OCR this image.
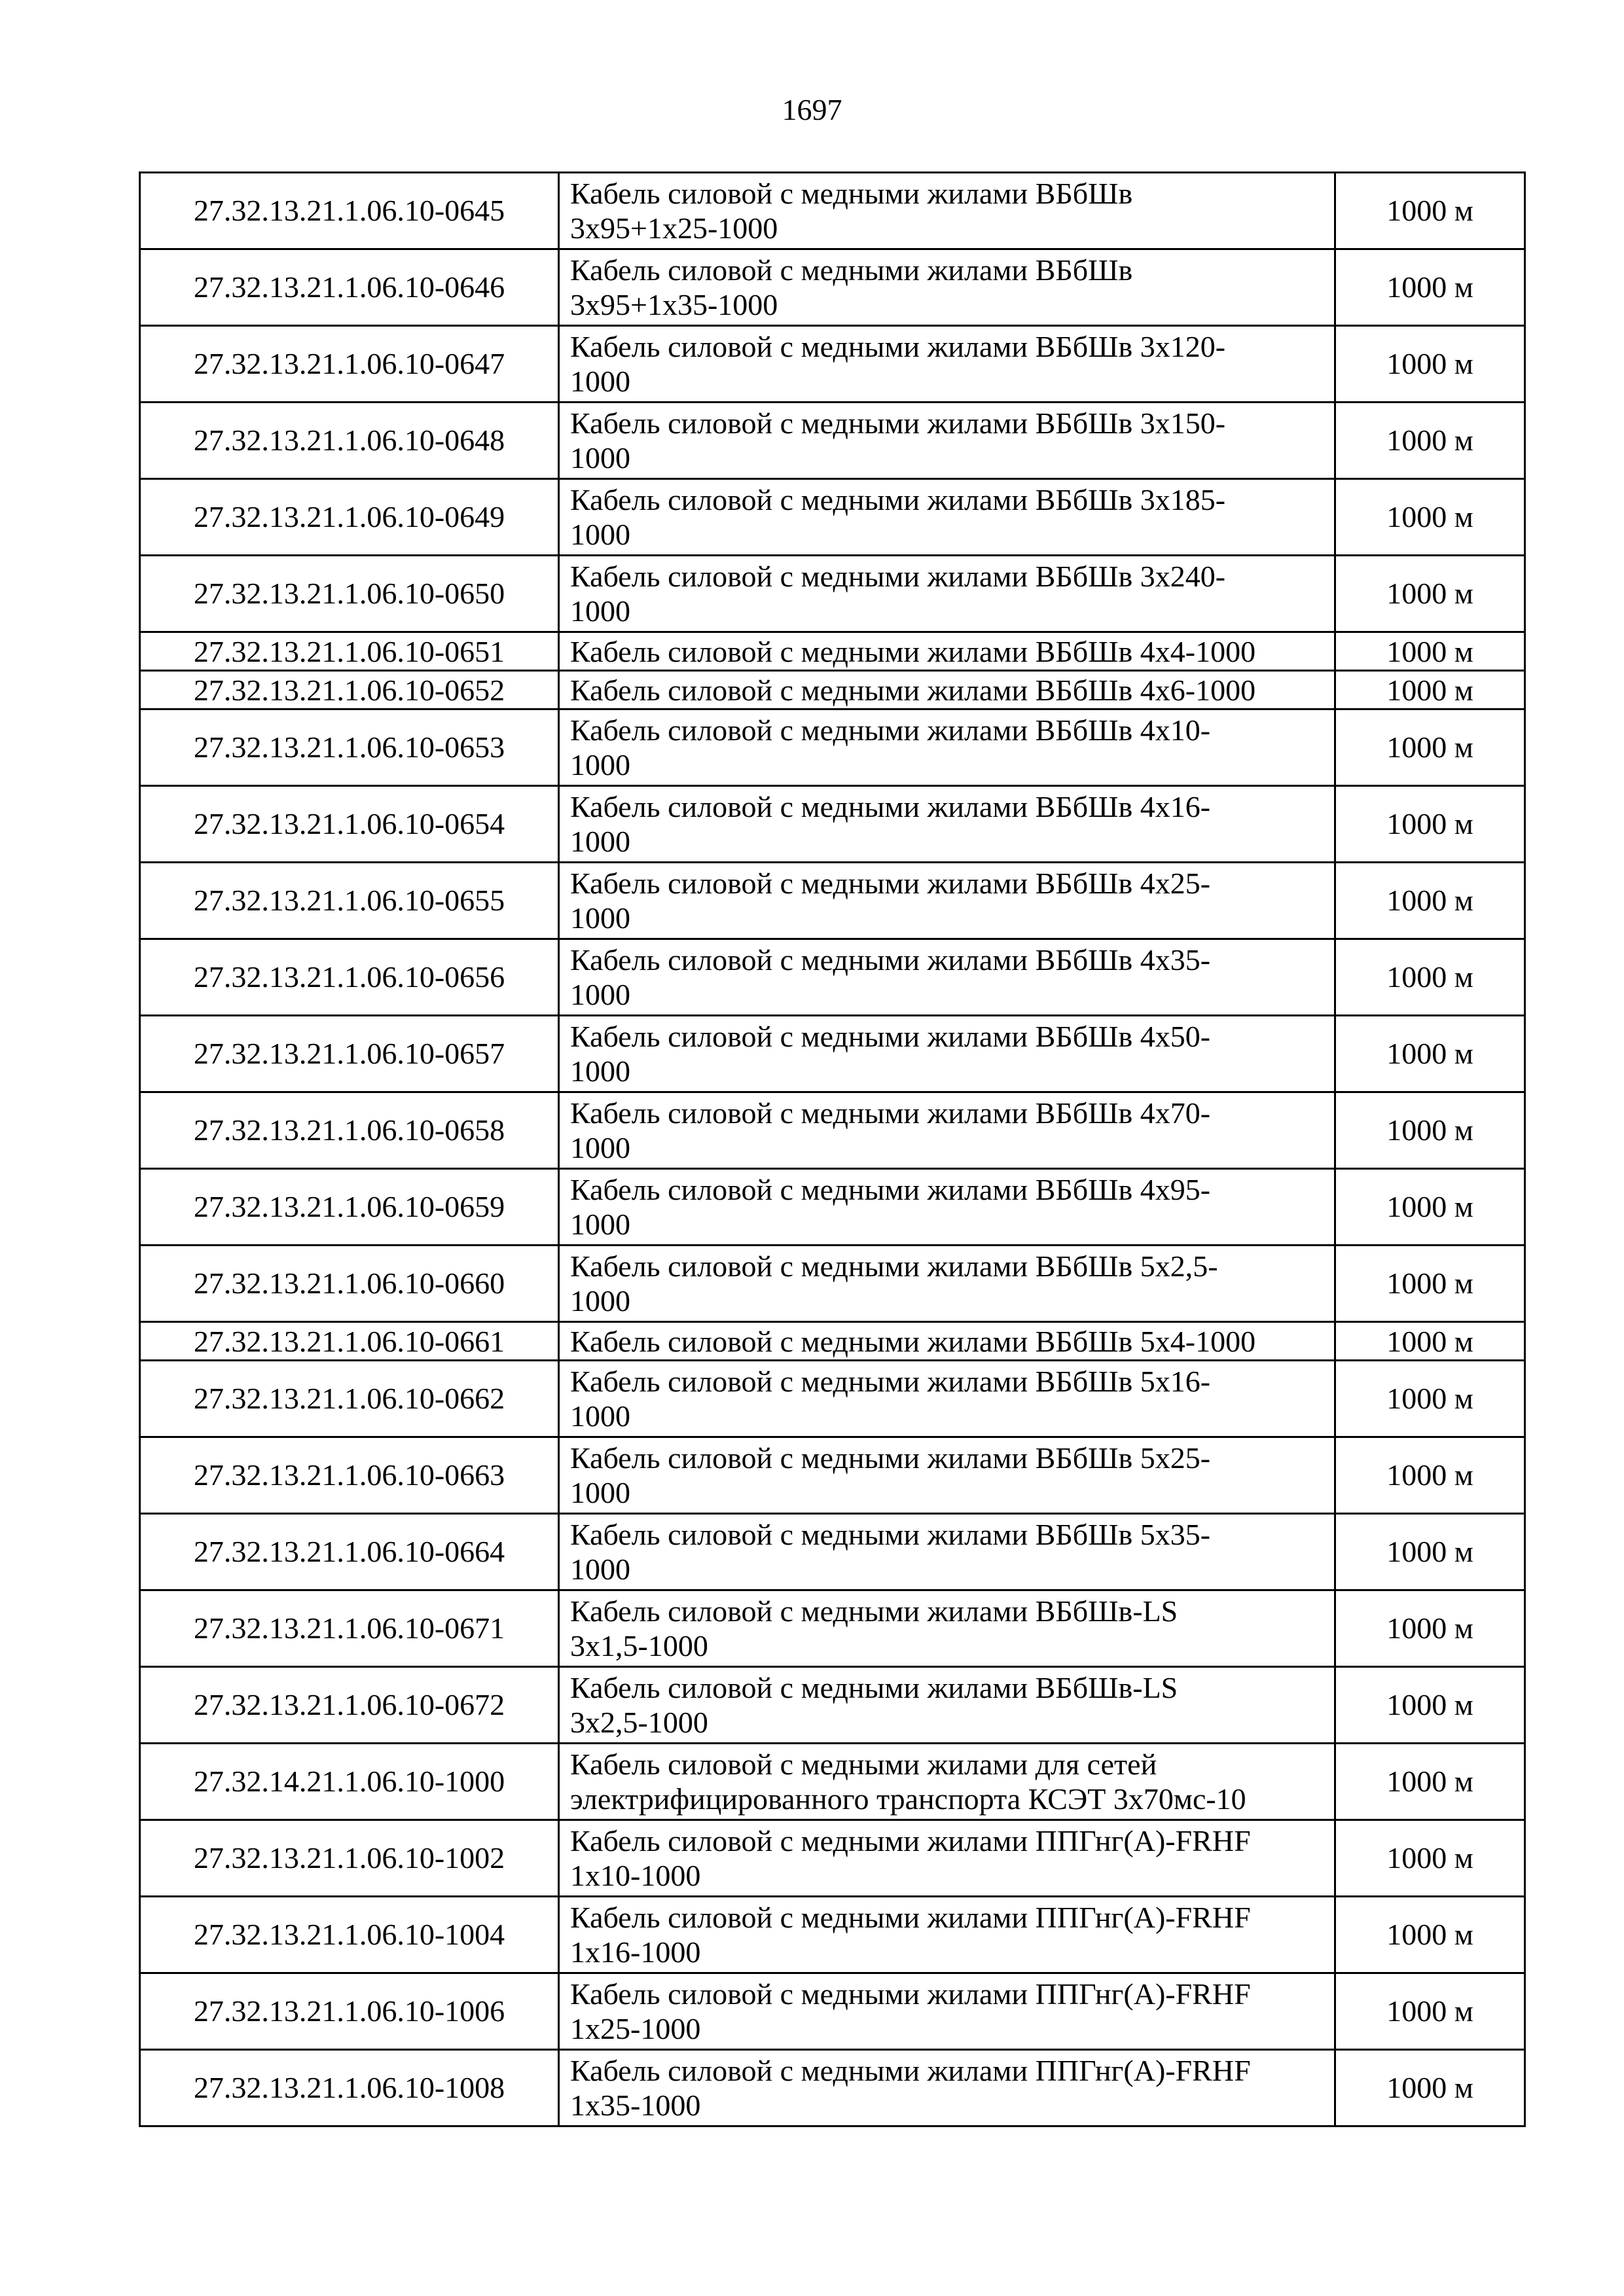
1697
27.32.13.21.1.06.10-0645	Кабель силовой с медными жилами ВБбШв
3х95+1х25-1000	1000 м
27.32.13.21.1.06.10-0646	Кабель силовой с медными жилами ВБбШв
3х95+1х35-1000	1000 м
27.32.13.21.1.06.10-0647	Кабель силовой с медными жилами ВБбШв 3х120-
1000	1000 м
27.32.13.21.1.06.10-0648	Кабель силовой с медными жилами ВБбШв 3х150-
1000	1000 м
27.32.13.21.1.06.10-0649	Кабель силовой с медными жилами ВБбШв 3х185-
1000	1000 м
27.32.13.21.1.06.10-0650	Кабель силовой с медными жилами ВБбШв 3х240-
1000	1000 м
27.32.13.21.1.06.10-0651	Кабель силовой с медными жилами ВБбШв 4х4-1000	1000 м
27.32.13.21.1.06.10-0652	Кабель силовой с медными жилами ВБбШв 4х6-1000	1000 м
27.32.13.21.1.06.10-0653	Кабель силовой с медными жилами ВБбШв 4х10-
1000	1000 м
27.32.13.21.1.06.10-0654	Кабель силовой с медными жилами ВБбШв 4х16-
1000	1000 м
27.32.13.21.1.06.10-0655	Кабель силовой с медными жилами ВБбШв 4х25-
1000	1000 м
27.32.13.21.1.06.10-0656	Кабель силовой с медными жилами ВБбШв 4х35-
1000	1000 м
27.32.13.21.1.06.10-0657	Кабель силовой с медными жилами ВБбШв 4х50-
1000	1000 м
27.32.13.21.1.06.10-0658	Кабель силовой с медными жилами ВБбШв 4х70-
1000	1000 м
27.32.13.21.1.06.10-0659	Кабель силовой с медными жилами ВБбШв 4х95-
1000	1000 м
27.32.13.21.1.06.10-0660	Кабель силовой с медными жилами ВБбШв 5х2,5-
1000	1000 м
27.32.13.21.1.06.10-0661	Кабель силовой с медными жилами ВБбШв 5х4-1000	1000 м
27.32.13.21.1.06.10-0662	Кабель силовой с медными жилами ВБбШв 5х16-
1000	1000 м
27.32.13.21.1.06.10-0663	Кабель силовой с медными жилами ВБбШв 5х25-
1000	1000 м
27.32.13.21.1.06.10-0664	Кабель силовой с медными жилами ВБбШв 5х35-
1000	1000 м
27.32.13.21.1.06.10-0671	Кабель силовой с медными жилами ВБбШв-LS
3х1,5-1000	1000 м
27.32.13.21.1.06.10-0672	Кабель силовой с медными жилами ВБбШв-LS
3х2,5-1000	1000 м
27.32.14.21.1.06.10-1000	Кабель силовой с медными жилами для сетей
электрифицированного транспорта КСЭТ 3х70мс-10	1000 м
27.32.13.21.1.06.10-1002	Кабель силовой с медными жилами ППГнг(А)-FRHF
1х10-1000	1000 м
27.32.13.21.1.06.10-1004	Кабель силовой с медными жилами ППГнг(А)-FRHF
1х16-1000	1000 м
27.32.13.21.1.06.10-1006	Кабель силовой с медными жилами ППГнг(А)-FRHF
1х25-1000	1000 м
27.32.13.21.1.06.10-1008	Кабель силовой с медными жилами ППГнг(А)-FRHF
1х35-1000	1000 м
